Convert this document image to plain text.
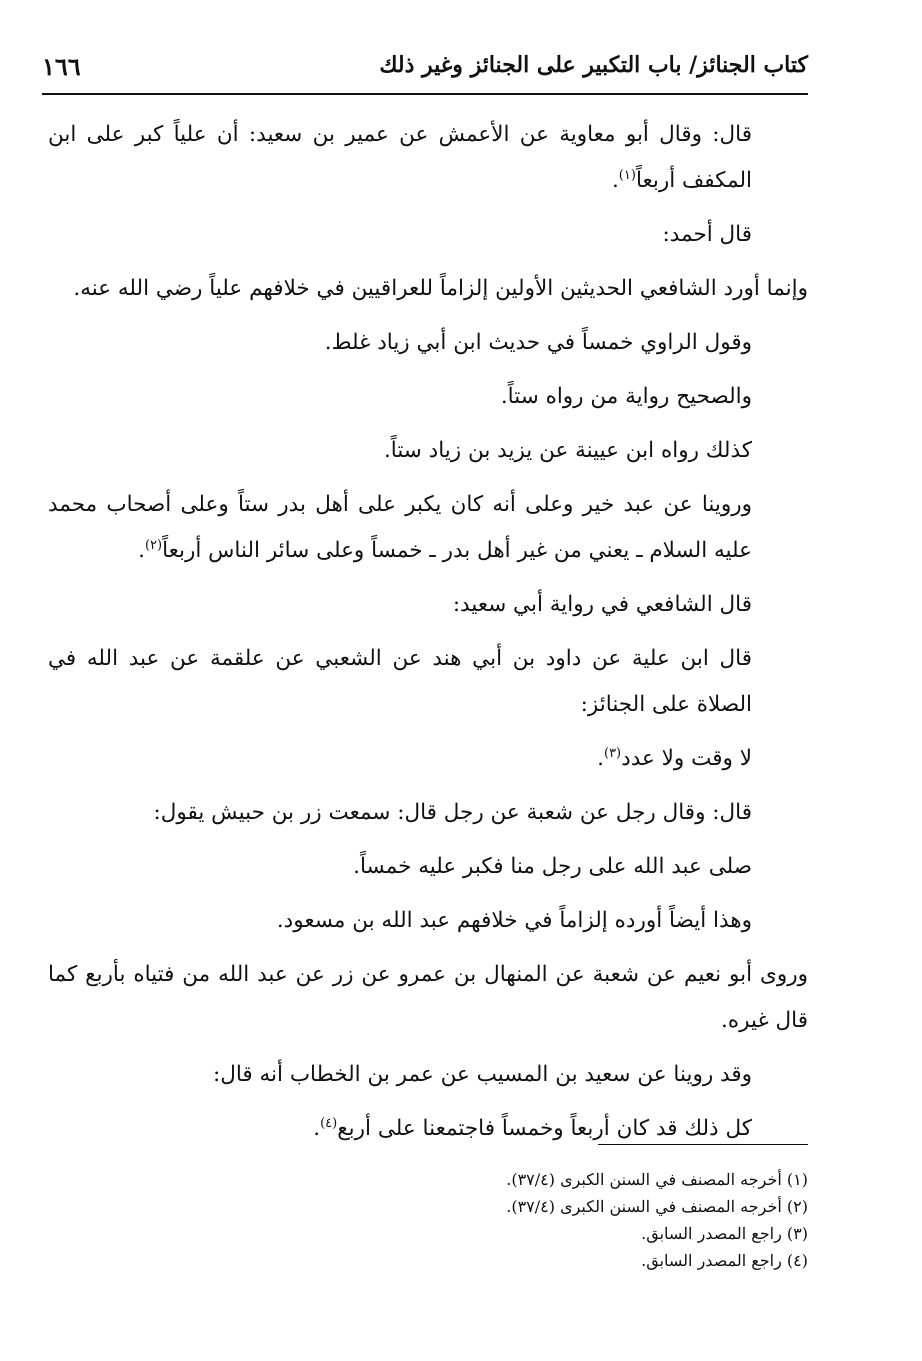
كتاب الجنائز/ باب التكبير على الجنائز وغير ذلك
١٦٦

قال: وقال أبو معاوية عن الأعمش عن عمير بن سعيد: أن علياً كبر على ابن المكفف أربعاً$^{(١)}$.

قال أحمد:

وإنما أورد الشافعي الحديثين الأولين إلزاماً للعراقيين في خلافهم علياً رضي الله عنه.

وقول الراوي خمساً في حديث ابن أبي زياد غلط.

والصحيح رواية من رواه ستاً.

كذلك رواه ابن عيينة عن يزيد بن زياد ستاً.

وروينا عن عبد خير وعلى أنه كان يكبر على أهل بدر ستاً وعلى أصحاب محمد عليه السلام ـ يعني من غير أهل بدر ـ خمساً وعلى سائر الناس أربعاً$^{(٢)}$.

قال الشافعي في رواية أبي سعيد:

قال ابن علية عن داود بن أبي هند عن الشعبي عن علقمة عن عبد الله في الصلاة على الجنائز:

لا وقت ولا عدد$^{(٣)}$.

قال: وقال رجل عن شعبة عن رجل قال: سمعت زر بن حبيش يقول:

صلى عبد الله على رجل منا فكبر عليه خمساً.

وهذا أيضاً أورده إلزاماً في خلافهم عبد الله بن مسعود.

وروى أبو نعيم عن شعبة عن المنهال بن عمرو عن زر عن عبد الله من فتياه بأربع كما قال غيره.

وقد روينا عن سعيد بن المسيب عن عمر بن الخطاب أنه قال:

كل ذلك قد كان أربعاً وخمساً فاجتمعنا على أربع$^{(٤)}$.

(١) أخرجه المصنف في السنن الكبرى (٣٧/٤).
(٢) أخرجه المصنف في السنن الكبرى (٣٧/٤).
(٣) راجع المصدر السابق.
(٤) راجع المصدر السابق.
